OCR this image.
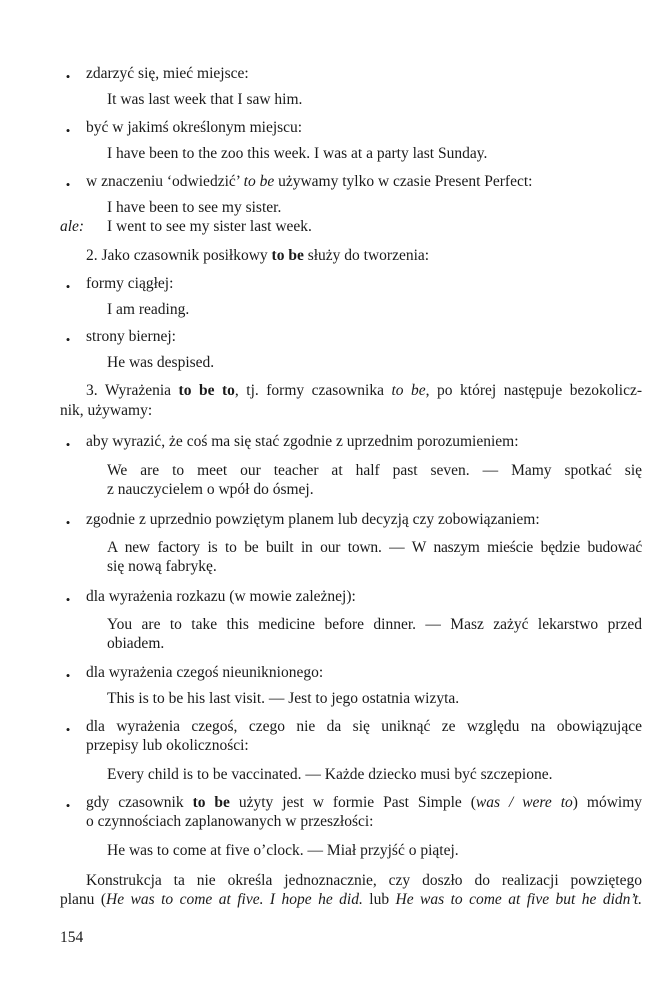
• zdarzyć się, mieć miejsce:
It was last week that I saw him.
• być w jakimś określonym miejscu:
I have been to the zoo this week. I was at a party last Sunday.
• w znaczeniu ‘odwiedzić’ to be używamy tylko w czasie Present Perfect:
I have been to see my sister.
ale: I went to see my sister last week.
2. Jako czasownik posiłkowy to be służy do tworzenia:
• formy ciągłej:
I am reading.
• strony biernej:
He was despised.
3. Wyrażenia to be to, tj. formy czasownika to be, po której następuje bezokolicz-
nik, używamy:
• aby wyrazić, że coś ma się stać zgodnie z uprzednim porozumieniem:
We are to meet our teacher at half past seven. — Mamy spotkać się
z nauczycielem o wpół do ósmej.
• zgodnie z uprzednio powziętym planem lub decyzją czy zobowiązaniem:
A new factory is to be built in our town. — W naszym mieście będzie budować
się nową fabrykę.
• dla wyrażenia rozkazu (w mowie zależnej):
You are to take this medicine before dinner. — Masz zażyć lekarstwo przed
obiadem.
• dla wyrażenia czegoś nieuniknionego:
This is to be his last visit. — Jest to jego ostatnia wizyta.
• dla wyrażenia czegoś, czego nie da się uniknąć ze względu na obowiązujące
przepisy lub okoliczności:
Every child is to be vaccinated. — Każde dziecko musi być szczepione.
• gdy czasownik to be użyty jest w formie Past Simple (was / were to) mówimy
o czynnościach zaplanowanych w przeszłości:
He was to come at five o’clock. — Miał przyjść o piątej.
Konstrukcja ta nie określa jednoznacznie, czy doszło do realizacji powziętego
planu (He was to come at five. I hope he did. lub He was to come at five but he didn’t.
154
